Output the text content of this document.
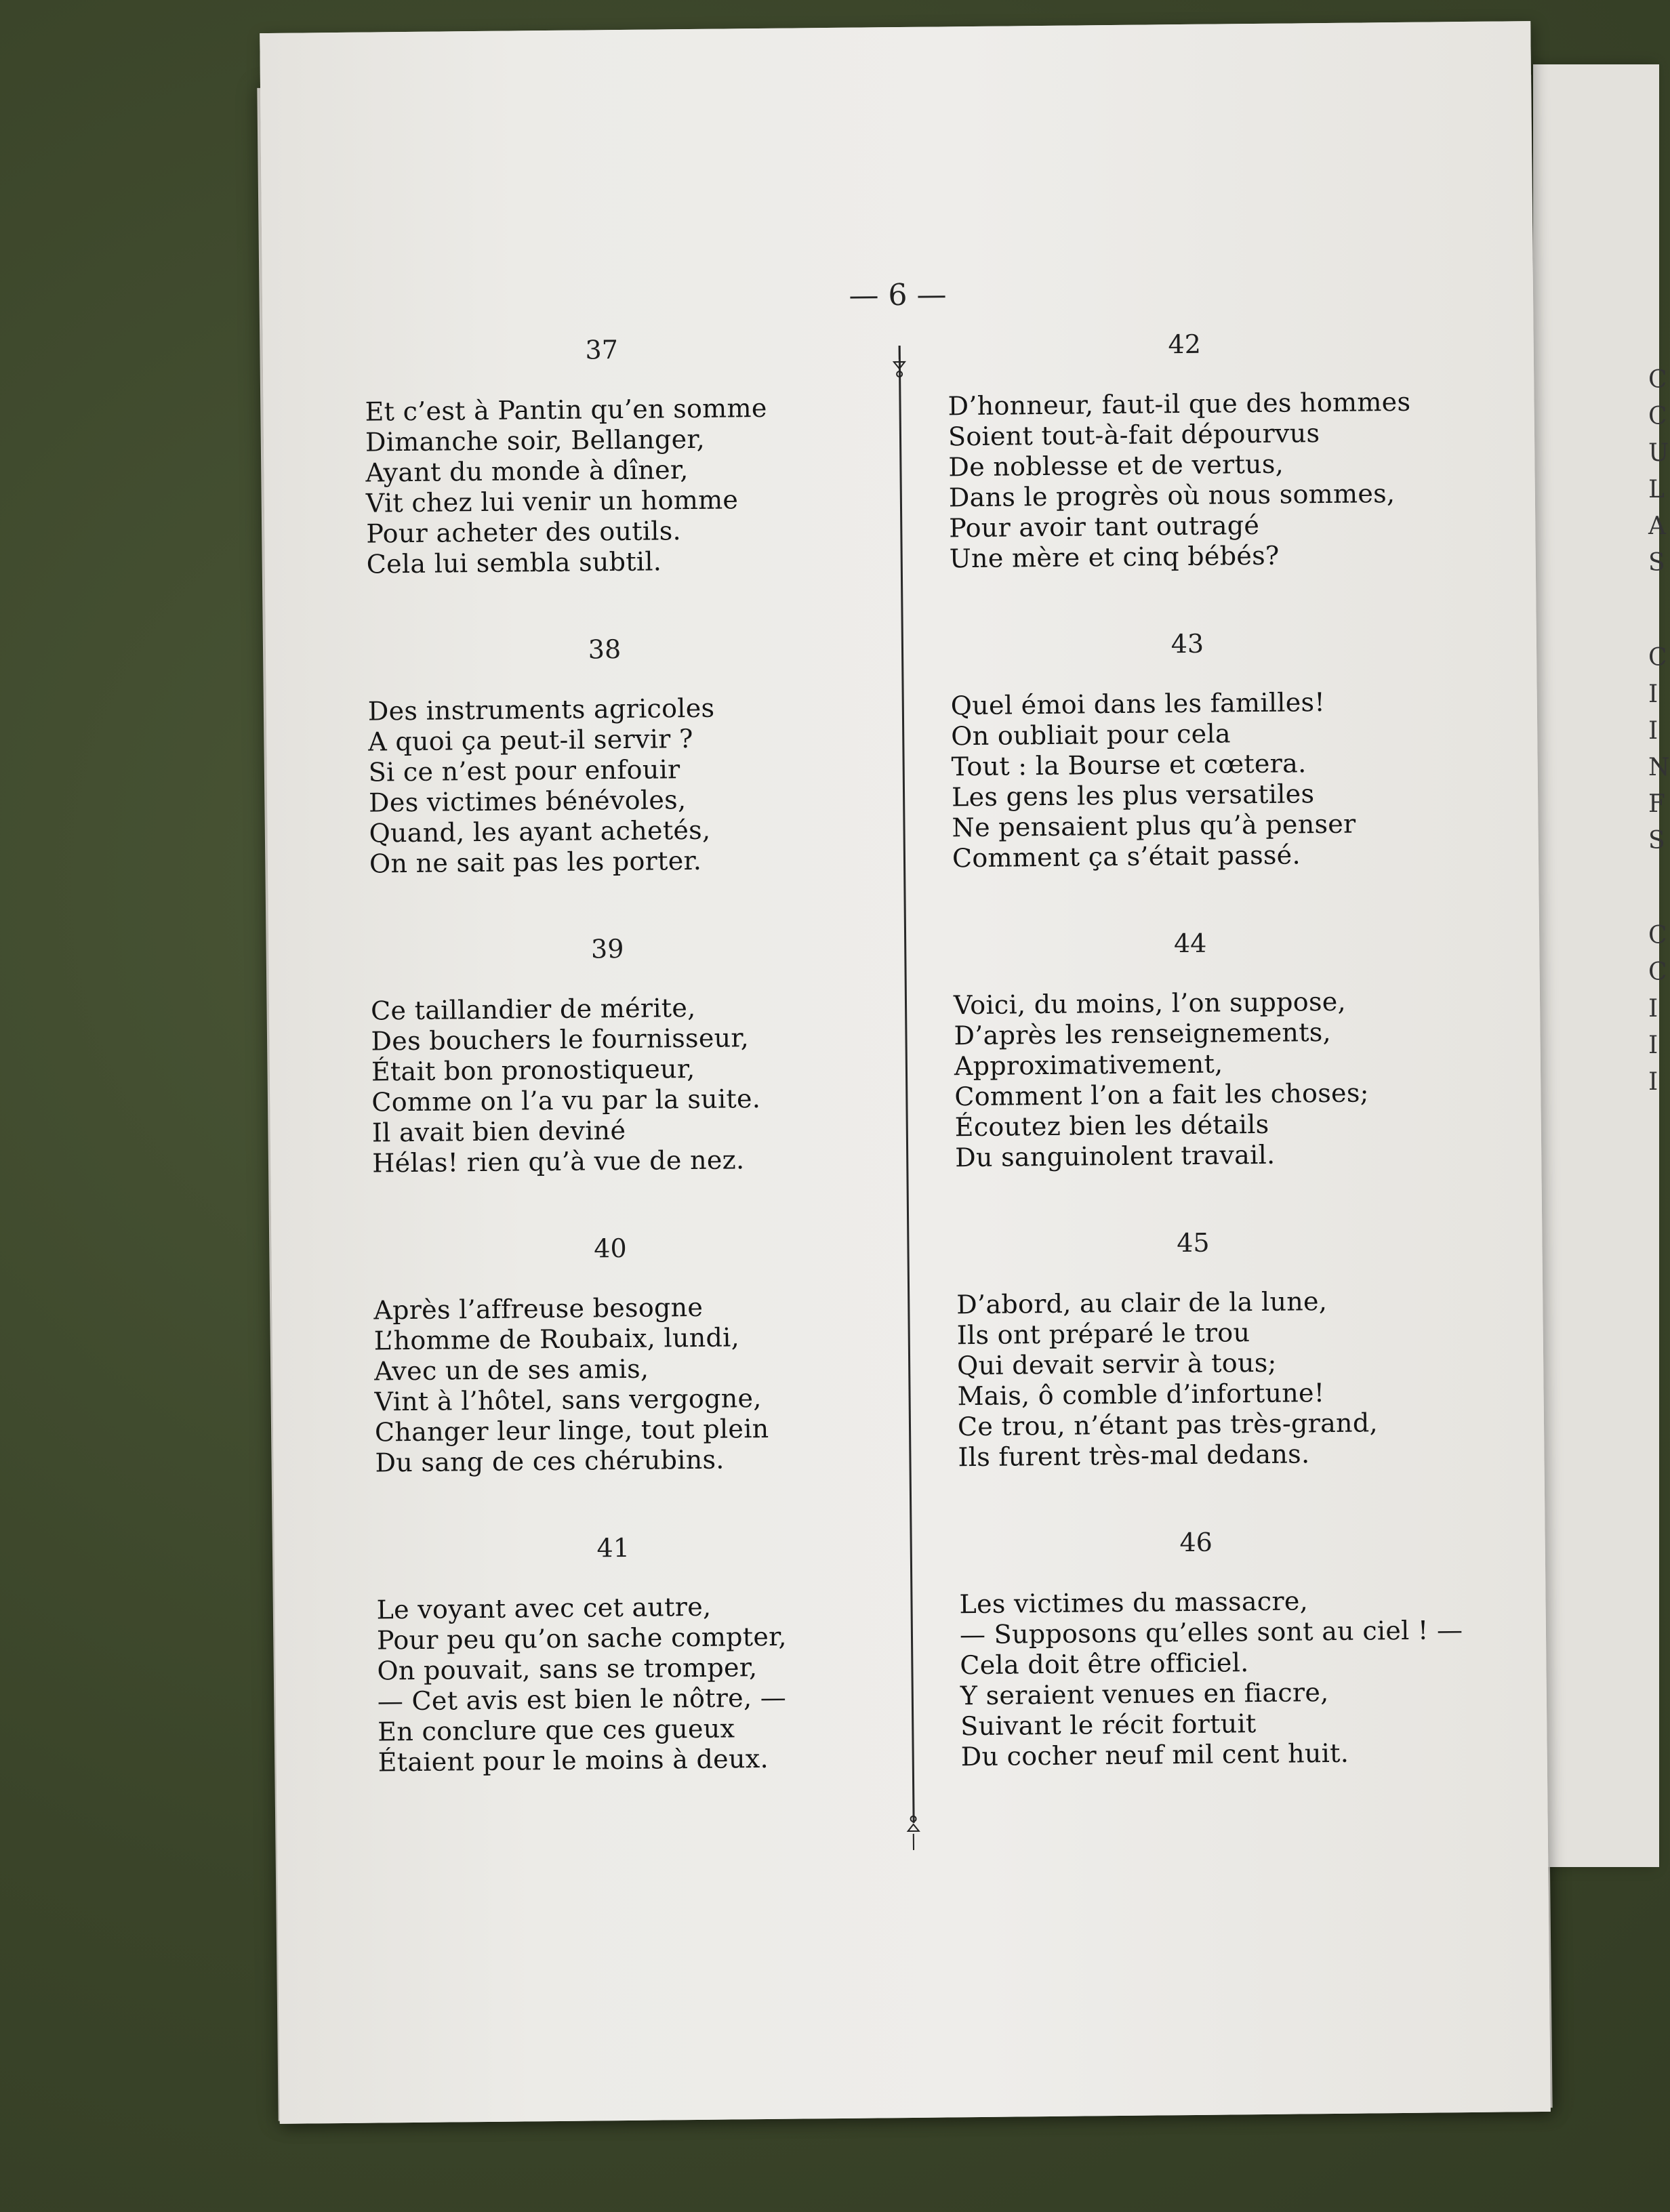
C
C
U
L
A
S
C
I
I
N
F
S
C
C
I
I
I
— 6 —
37
Et c’est à Pantin qu’en somme
Dimanche soir, Bellanger,
Ayant du monde à dîner,
Vit chez lui venir un homme
Pour acheter des outils.
Cela lui sembla subtil.
38
Des instruments agricoles
A quoi ça peut-il servir ?
Si ce n’est pour enfouir
Des victimes bénévoles,
Quand, les ayant achetés,
On ne sait pas les porter.
39
Ce taillandier de mérite,
Des bouchers le fournisseur,
Était bon pronostiqueur,
Comme on l’a vu par la suite.
Il avait bien deviné
Hélas! rien qu’à vue de nez.
40
Après l’affreuse besogne
L’homme de Roubaix, lundi,
Avec un de ses amis,
Vint à l’hôtel, sans vergogne,
Changer leur linge, tout plein
Du sang de ces chérubins.
41
Le voyant avec cet autre,
Pour peu qu’on sache compter,
On pouvait, sans se tromper,
— Cet avis est bien le nôtre, —
En conclure que ces gueux
Étaient pour le moins à deux.
42
D’honneur, faut-il que des hommes
Soient tout-à-fait dépourvus
De noblesse et de vertus,
Dans le progrès où nous sommes,
Pour avoir tant outragé
Une mère et cinq bébés?
43
Quel émoi dans les familles!
On oubliait pour cela
Tout : la Bourse et cœtera.
Les gens les plus versatiles
Ne pensaient plus qu’à penser
Comment ça s’était passé.
44
Voici, du moins, l’on suppose,
D’après les renseignements,
Approximativement,
Comment l’on a fait les choses;
Écoutez bien les détails
Du sanguinolent travail.
45
D’abord, au clair de la lune,
Ils ont préparé le trou
Qui devait servir à tous;
Mais, ô comble d’infortune!
Ce trou, n’étant pas très-grand,
Ils furent très-mal dedans.
46
Les victimes du massacre,
— Supposons qu’elles sont au ciel ! —
Cela doit être officiel.
Y seraient venues en fiacre,
Suivant le récit fortuit
Du cocher neuf mil cent huit.
